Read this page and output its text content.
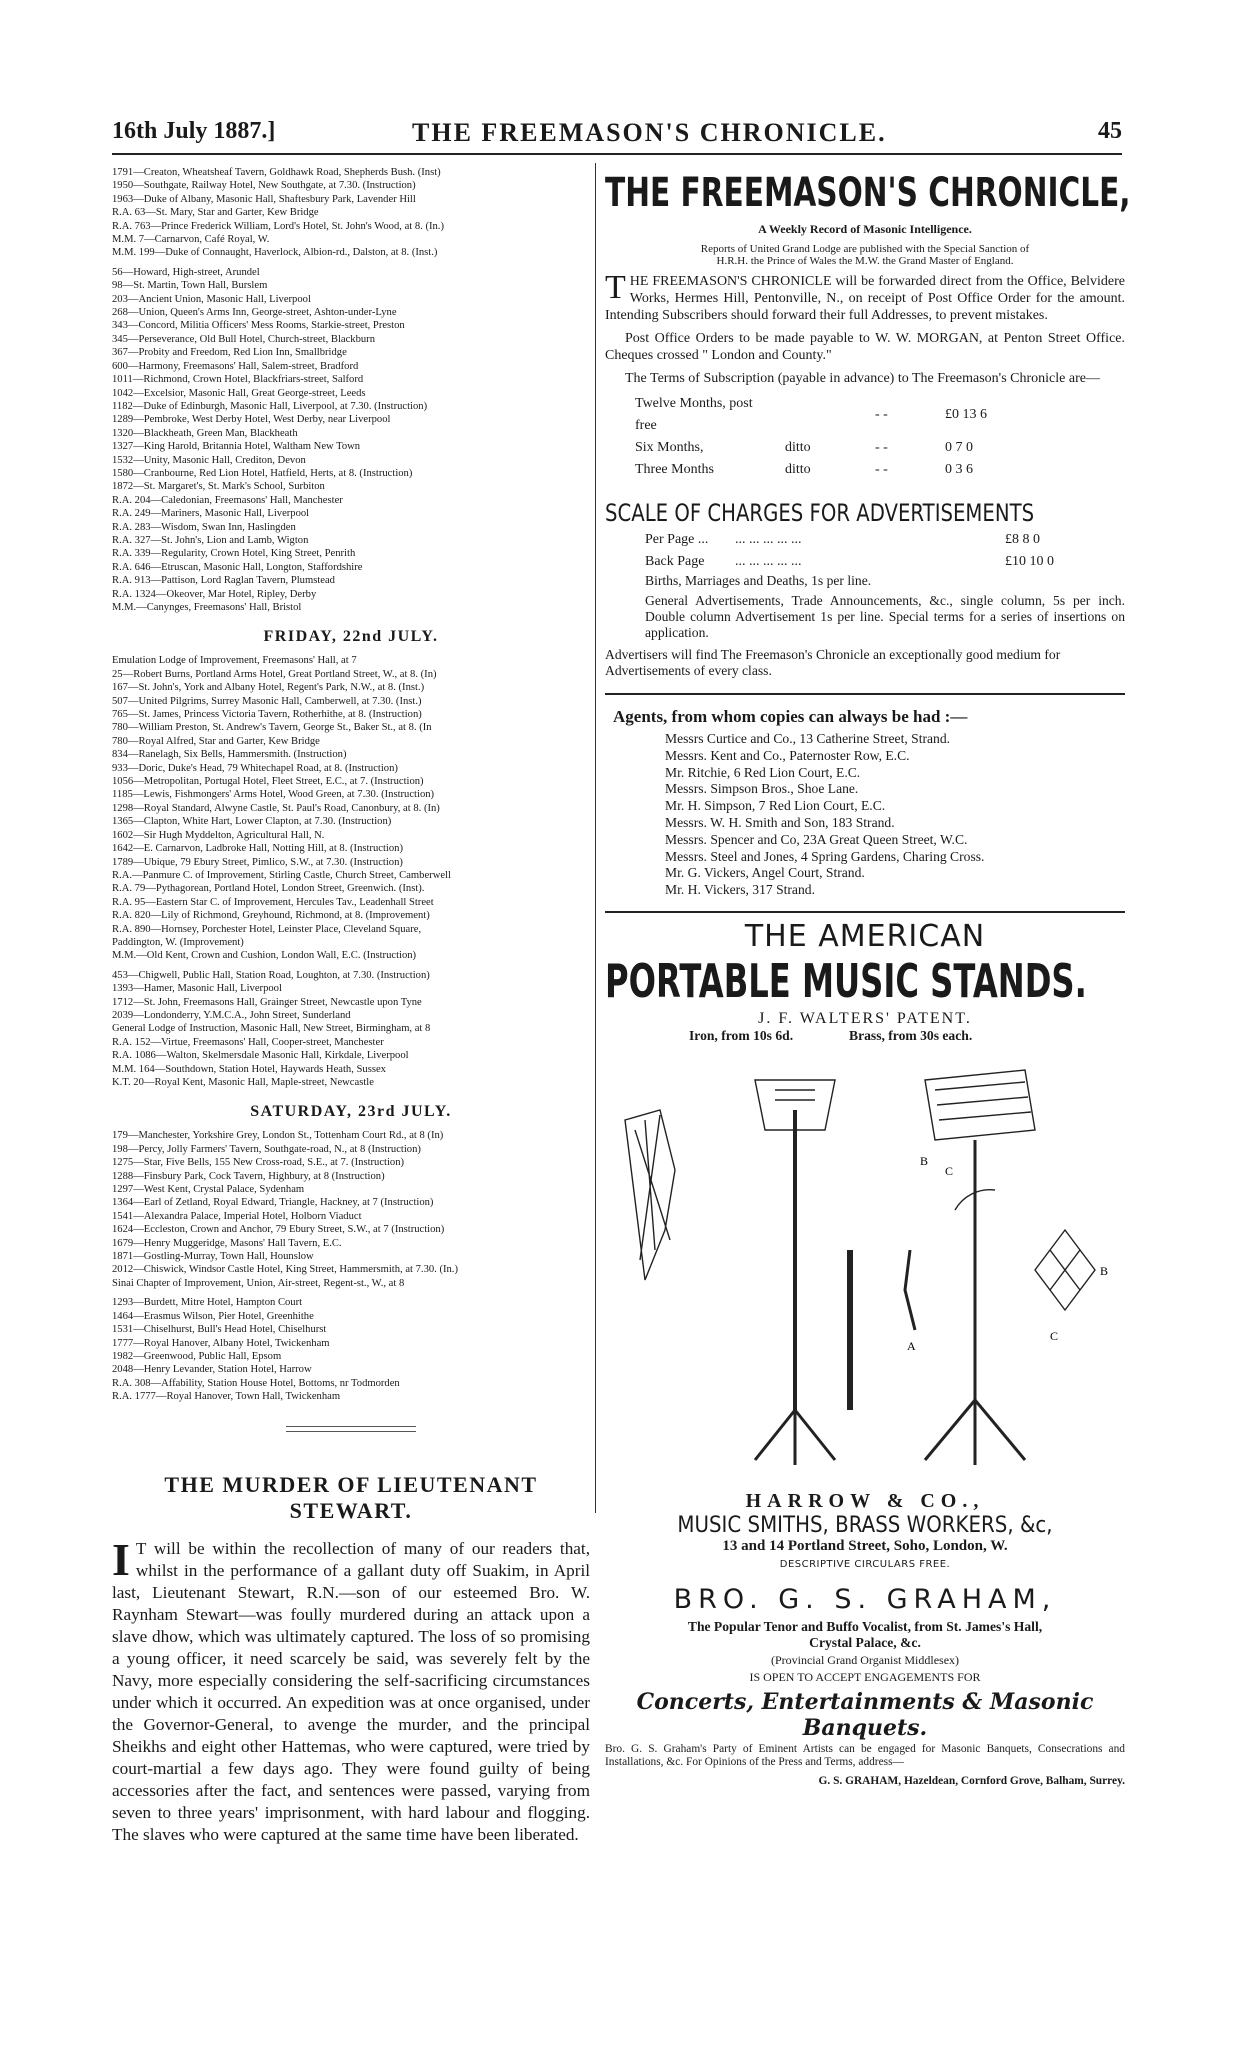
16th July 1887.]	THE FREEMASON'S CHRONICLE.	45
1791—Creaton, Wheatsheaf Tavern, Goldhawk Road, Shepherds Bush. (Inst)
1950—Southgate, Railway Hotel, New Southgate, at 7.30. (Instruction)
1963—Duke of Albany, Masonic Hall, Shaftesbury Park, Lavender Hill
R.A. 63—St. Mary, Star and Garter, Kew Bridge
R.A. 763—Prince Frederick William, Lord's Hotel, St. John's Wood, at 8. (In.)
M.M. 7—Carnarvon, Café Royal, W.
M.M. 199—Duke of Connaught, Haverlock, Albion-rd., Dalston, at 8. (Inst.)
56—Howard, High-street, Arundel
98—St. Martin, Town Hall, Burslem
203—Ancient Union, Masonic Hall, Liverpool
268—Union, Queen's Arms Inn, George-street, Ashton-under-Lyne
343—Concord, Militia Officers' Mess Rooms, Starkie-street, Preston
345—Perseverance, Old Bull Hotel, Church-street, Blackburn
367—Probity and Freedom, Red Lion Inn, Smallbridge
600—Harmony, Freemasons' Hall, Salem-street, Bradford
1011—Richmond, Crown Hotel, Blackfriars-street, Salford
1042—Excelsior, Masonic Hall, Great George-street, Leeds
1182—Duke of Edinburgh, Masonic Hall, Liverpool, at 7.30. (Instruction)
1289—Pembroke, West Derby Hotel, West Derby, near Liverpool
1320—Blackheath, Green Man, Blackheath
1327—King Harold, Britannia Hotel, Waltham New Town
1532—Unity, Masonic Hall, Crediton, Devon
1580—Cranbourne, Red Lion Hotel, Hatfield, Herts, at 8. (Instruction)
1872—St. Margaret's, St. Mark's School, Surbiton
R.A. 204—Caledonian, Freemasons' Hall, Manchester
R.A. 249—Mariners, Masonic Hall, Liverpool
R.A. 283—Wisdom, Swan Inn, Haslingden
R.A. 327—St. John's, Lion and Lamb, Wigton
R.A. 339—Regularity, Crown Hotel, King Street, Penrith
R.A. 646—Etruscan, Masonic Hall, Longton, Staffordshire
R.A. 913—Pattison, Lord Raglan Tavern, Plumstead
R.A. 1324—Okeover, Mar Hotel, Ripley, Derby
M.M.—Canynges, Freemasons' Hall, Bristol
FRIDAY, 22nd JULY.
Emulation Lodge of Improvement, Freemasons' Hall, at 7
25—Robert Burns, Portland Arms Hotel, Great Portland Street, W., at 8. (In)
167—St. John's, York and Albany Hotel, Regent's Park, N.W., at 8. (Inst.)
507—United Pilgrims, Surrey Masonic Hall, Camberwell, at 7.30. (Inst.)
765—St. James, Princess Victoria Tavern, Rotherhithe, at 8. (Instruction)
780—William Preston, St. Andrew's Tavern, George St., Baker St., at 8. (In
780—Royal Alfred, Star and Garter, Kew Bridge
834—Ranelagh, Six Bells, Hammersmith. (Instruction)
933—Doric, Duke's Head, 79 Whitechapel Road, at 8. (Instruction)
1056—Metropolitan, Portugal Hotel, Fleet Street, E.C., at 7. (Instruction)
1185—Lewis, Fishmongers' Arms Hotel, Wood Green, at 7.30. (Instruction)
1298—Royal Standard, Alwyne Castle, St. Paul's Road, Canonbury, at 8. (In)
1365—Clapton, White Hart, Lower Clapton, at 7.30. (Instruction)
1602—Sir Hugh Myddelton, Agricultural Hall, N.
1642—E. Carnarvon, Ladbroke Hall, Notting Hill, at 8. (Instruction)
1789—Ubique, 79 Ebury Street, Pimlico, S.W., at 7.30. (Instruction)
R.A.—Panmure C. of Improvement, Stirling Castle, Church Street, Camberwell
R.A. 79—Pythagorean, Portland Hotel, London Street, Greenwich. (Inst).
R.A. 95—Eastern Star C. of Improvement, Hercules Tav., Leadenhall Street
R.A. 820—Lily of Richmond, Greyhound, Richmond, at 8. (Improvement)
R.A. 890—Hornsey, Porchester Hotel, Leinster Place, Cleveland Square,
Paddington, W. (Improvement)
M.M.—Old Kent, Crown and Cushion, London Wall, E.C. (Instruction)
453—Chigwell, Public Hall, Station Road, Loughton, at 7.30. (Instruction)
1393—Hamer, Masonic Hall, Liverpool
1712—St. John, Freemasons Hall, Grainger Street, Newcastle upon Tyne
2039—Londonderry, Y.M.C.A., John Street, Sunderland
General Lodge of Instruction, Masonic Hall, New Street, Birmingham, at 8
R.A. 152—Virtue, Freemasons' Hall, Cooper-street, Manchester
R.A. 1086—Walton, Skelmersdale Masonic Hall, Kirkdale, Liverpool
M.M. 164—Southdown, Station Hotel, Haywards Heath, Sussex
K.T. 20—Royal Kent, Masonic Hall, Maple-street, Newcastle
SATURDAY, 23rd JULY.
179—Manchester, Yorkshire Grey, London St., Tottenham Court Rd., at 8 (In)
198—Percy, Jolly Farmers' Tavern, Southgate-road, N., at 8 (Instruction)
1275—Star, Five Bells, 155 New Cross-road, S.E., at 7. (Instruction)
1288—Finsbury Park, Cock Tavern, Highbury, at 8 (Instruction)
1297—West Kent, Crystal Palace, Sydenham
1364—Earl of Zetland, Royal Edward, Triangle, Hackney, at 7 (Instruction)
1541—Alexandra Palace, Imperial Hotel, Holborn Viaduct
1624—Eccleston, Crown and Anchor, 79 Ebury Street, S.W., at 7 (Instruction)
1679—Henry Muggeridge, Masons' Hall Tavern, E.C.
1871—Gostling-Murray, Town Hall, Hounslow
2012—Chiswick, Windsor Castle Hotel, King Street, Hammersmith, at 7.30. (In.)
Sinai Chapter of Improvement, Union, Air-street, Regent-st., W., at 8
1293—Burdett, Mitre Hotel, Hampton Court
1464—Erasmus Wilson, Pier Hotel, Greenhithe
1531—Chiselhurst, Bull's Head Hotel, Chiselhurst
1777—Royal Hanover, Albany Hotel, Twickenham
1982—Greenwood, Public Hall, Epsom
2048—Henry Levander, Station Hotel, Harrow
R.A. 308—Affability, Station House Hotel, Bottoms, nr Todmorden
R.A. 1777—Royal Hanover, Town Hall, Twickenham
THE MURDER OF LIEUTENANT
STEWART.
I T will be within the recollection of many of our readers that, whilst in the performance of a gallant duty off Suakim, in April last, Lieutenant Stewart, R.N.—son of our esteemed Bro. W. Raynham Stewart—was foully murdered during an attack upon a slave dhow, which was ultimately captured. The loss of so promising a young officer, it need scarcely be said, was severely felt by the Navy, more especially considering the self-sacrificing circumstances under which it occurred. An expedition was at once organised, under the Governor-General, to avenge the murder, and the principal Sheikhs and eight other Hattemas, who were captured, were tried by court-martial a few days ago. They were found guilty of being accessories after the fact, and sentences were passed, varying from seven to three years' imprisonment, with hard labour and flogging. The slaves who were captured at the same time have been liberated.
THE FREEMASON'S CHRONICLE,
A Weekly Record of Masonic Intelligence.
Reports of United Grand Lodge are published with the Special Sanction of
H.R.H. the Prince of Wales the M.W. the Grand Master of England.
THE FREEMASON'S CHRONICLE will be forwarded direct from the Office, Belvidere Works, Hermes Hill, Pentonville, N., on receipt of Post Office Order for the amount. Intending Subscribers should forward their full Addresses, to prevent mistakes.
Post Office Orders to be made payable to W. W. MORGAN, at Penton Street Office. Cheques crossed " London and County."
The Terms of Subscription (payable in advance) to The Freemason's Chronicle are—
Twelve Months, post free		- -	£0 13 6
Six Months,	ditto	- -	0 7 0
Three Months	ditto	- -	0 3 6
SCALE OF CHARGES FOR ADVERTISEMENTS
Per Page ... ... ... ... ... ...	£8 8 0
Back Page ... ... ... ... ...	£10 10 0
Births, Marriages and Deaths, 1s per line.
General Advertisements, Trade Announcements, &c., single column, 5s per inch. Double column Advertisement 1s per line. Special terms for a series of insertions on application.
Advertisers will find The Freemason's Chronicle an exceptionally good medium for Advertisements of every class.
Agents, from whom copies can always be had :—
Messrs Curtice and Co., 13 Catherine Street, Strand.
Messrs. Kent and Co., Paternoster Row, E.C.
Mr. Ritchie, 6 Red Lion Court, E.C.
Messrs. Simpson Bros., Shoe Lane.
Mr. H. Simpson, 7 Red Lion Court, E.C.
Messrs. W. H. Smith and Son, 183 Strand.
Messrs. Spencer and Co, 23A Great Queen Street, W.C.
Messrs. Steel and Jones, 4 Spring Gardens, Charing Cross.
Mr. G. Vickers, Angel Court, Strand.
Mr. H. Vickers, 317 Strand.
THE AMERICAN
PORTABLE MUSIC STANDS.
J. F. WALTERS' PATENT.
Iron, from 10s 6d.	Brass, from 30s each.
B
C
A
C
B
HARROW & CO.,
MUSIC SMITHS, BRASS WORKERS, &c,
13 and 14 Portland Street, Soho, London, W.
DESCRIPTIVE CIRCULARS FREE.
BRO. G. S. GRAHAM,
The Popular Tenor and Buffo Vocalist, from St. James's Hall,
Crystal Palace, &c.
(Provincial Grand Organist Middlesex)
IS OPEN TO ACCEPT ENGAGEMENTS FOR
Concerts, Entertainments & Masonic Banquets.
Bro. G. S. Graham's Party of Eminent Artists can be engaged for Masonic Banquets, Consecrations and Installations, &c. For Opinions of the Press and Terms, address—
G. S. GRAHAM, Hazeldean, Cornford Grove, Balham, Surrey.
